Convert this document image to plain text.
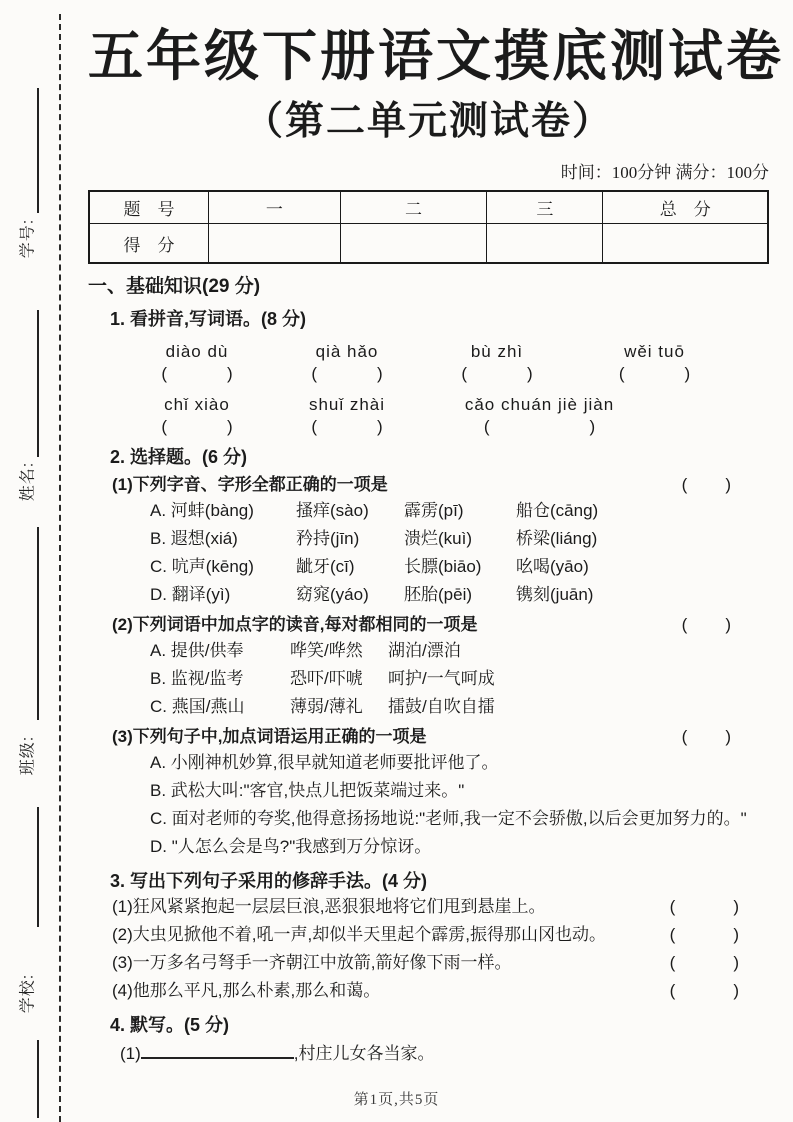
学号:
姓名:
班级:
学校:
五年级下册语文摸底测试卷
（第二单元测试卷）
时间：100分钟 满分：100分
题　号	一	二	三	总　分
得　分				
一、基础知识(29 分)
1. 看拼音,写词语。(8 分)
diào dù
(	)
qià hǎo
(	)
bù zhì
(	)
wěi tuō
(	)
chǐ xiào
(	)
shuǐ zhài
(	)
cǎo chuán jiè jiàn
(	)
2. 选择题。(6 分)
(1)下列字音、字形全都正确的一项是	( )
A. 河蚌(bàng)	搔痒(sào)	霹雳(pī)	船仓(cāng)
B. 遐想(xiá)	矜持(jīn)	溃烂(kuì)	桥梁(liáng)
C. 吭声(kēng)	龇牙(cī)	长膘(biāo)	吆喝(yāo)
D. 翻译(yì)	窈窕(yáo)	胚胎(pēi)	镌刻(juān)
(2)下列词语中加点字的读音,每对都相同的一项是	( )
A. 提供/供奉	哗笑/哗然	湖泊/漂泊
B. 监视/监考	恐吓/吓唬	呵护/一气呵成
C. 燕国/燕山	薄弱/薄礼	擂鼓/自吹自擂
(3)下列句子中,加点词语运用正确的一项是	( )
A. 小刚神机妙算,很早就知道老师要批评他了。
B. 武松大叫:"客官,快点儿把饭菜端过来。"
C. 面对老师的夸奖,他得意扬扬地说:"老师,我一定不会骄傲,以后会更加努力的。"
D. "人怎么会是鸟?"我感到万分惊讶。
3. 写出下列句子采用的修辞手法。(4 分)
(1)狂风紧紧抱起一层层巨浪,恶狠狠地将它们甩到悬崖上。	(	)
(2)大虫见掀他不着,吼一声,却似半天里起个霹雳,振得那山冈也动。	(	)
(3)一万多名弓弩手一齐朝江中放箭,箭好像下雨一样。	(	)
(4)他那么平凡,那么朴素,那么和蔼。	(	)
4. 默写。(5 分)
(1)	,村庄儿女各当家。
第1页,共5页
